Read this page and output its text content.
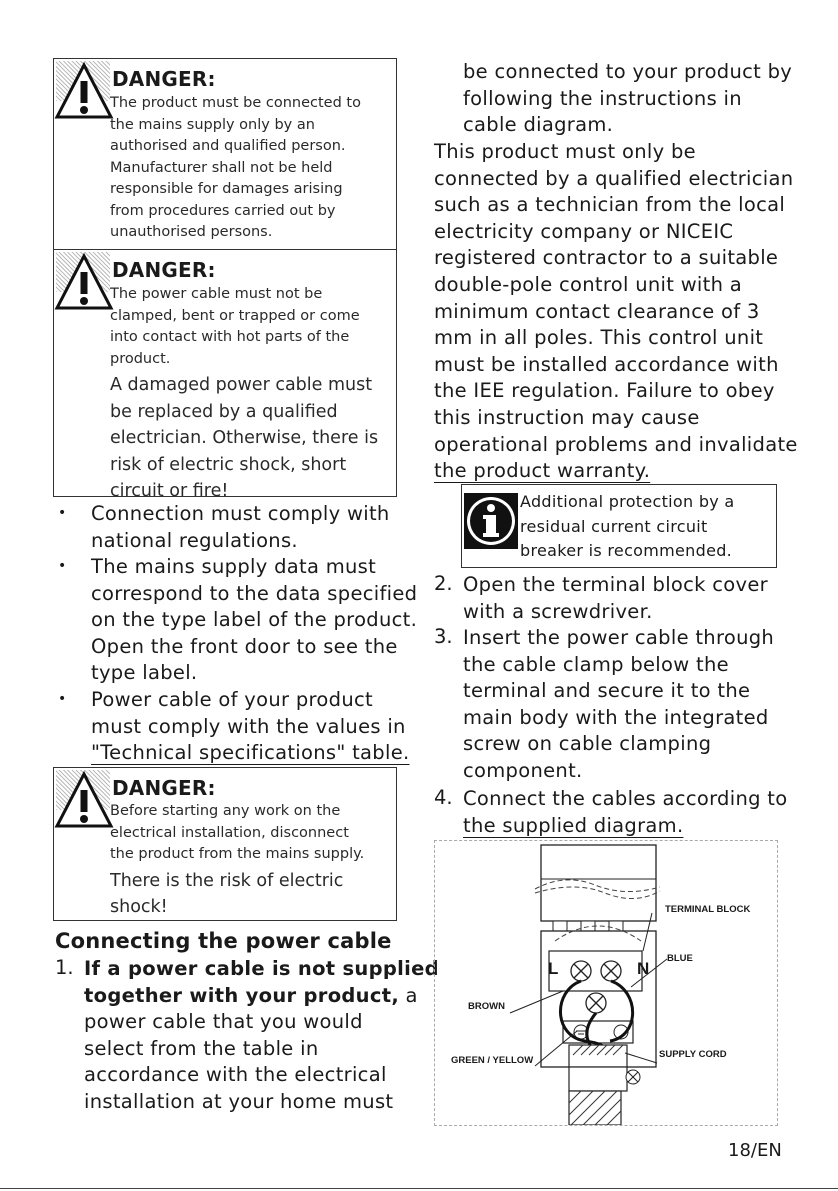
DANGER:
The product must be connected to
the mains supply only by an
authorised and qualified person.
Manufacturer shall not be held
responsible for damages arising
from procedures carried out by
unauthorised persons.
DANGER:
The power cable must not be
clamped, bent or trapped or come
into contact with hot parts of the
product.
A damaged power cable must
be replaced by a qualified
electrician. Otherwise, there is
risk of electric shock, short
circuit or fire!
• Connection must comply with
national regulations.
• The mains supply data must
correspond to the data specified
on the type label of the product.
Open the front door to see the
type label.
• Power cable of your product
must comply with the values in
"Technical specifications" table.
DANGER:
Before starting any work on the
electrical installation, disconnect
the product from the mains supply.
There is the risk of electric
shock!
Connecting the power cable
1. If a power cable is not supplied
together with your product, a
power cable that you would
select from the table in
accordance with the electrical
installation at your home must
be connected to your product by
following the instructions in
cable diagram.
This product must only be
connected by a qualified electrician
such as a technician from the local
electricity company or NICEIC
registered contractor to a suitable
double-pole control unit with a
minimum contact clearance of 3
mm in all poles. This control unit
must be installed accordance with
the IEE regulation. Failure to obey
this instruction may cause
operational problems and invalidate
the product warranty.
Additional protection by a
residual current circuit
breaker is recommended.
2. Open the terminal block cover
with a screwdriver.
3. Insert the power cable through
the cable clamp below the
terminal and secure it to the
main body with the integrated
screw on cable clamping
component.
4. Connect the cables according to
the supplied diagram.
TERMINAL BLOCK
BLUE
BROWN
GREEN / YELLOW
SUPPLY CORD
L	N
18/EN
